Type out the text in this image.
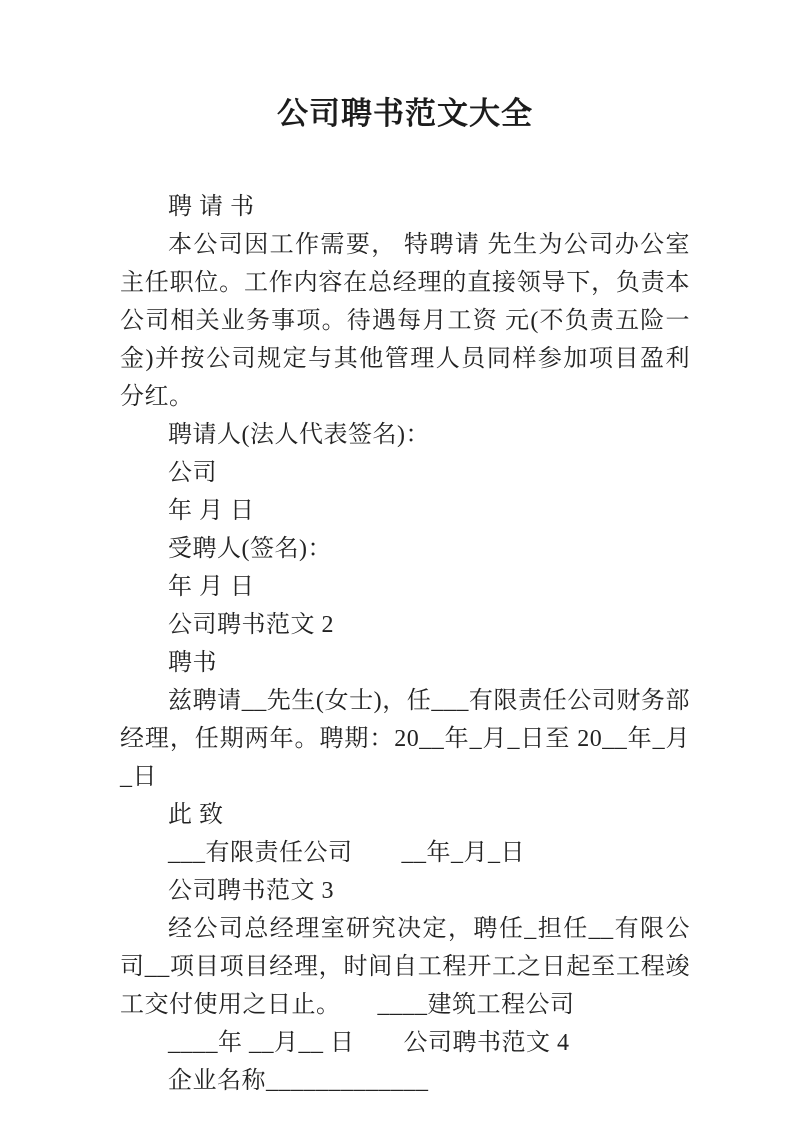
公司聘书范文大全

聘 请 书

本公司因工作需要， 特聘请 先生为公司办公室主任职位。工作内容在总经理的直接领导下，负责本公司相关业务事项。待遇每月工资 元(不负责五险一金)并按公司规定与其他管理人员同样参加项目盈利分红。

聘请人(法人代表签名)：

公司

年 月 日

受聘人(签名)：

年 月 日

公司聘书范文 2

聘书

兹聘请__先生(女士)，任___有限责任公司财务部经理，任期两年。聘期：20__年_月_日至 20__年_月_日

此 致

___有限责任公司　　__年_月_日

公司聘书范文 3

经公司总经理室研究决定，聘任_担任__有限公司__项目项目经理，时间自工程开工之日起至工程竣工交付使用之日止。　　____建筑工程公司

____年 __月__ 日　　公司聘书范文 4

企业名称_____________
